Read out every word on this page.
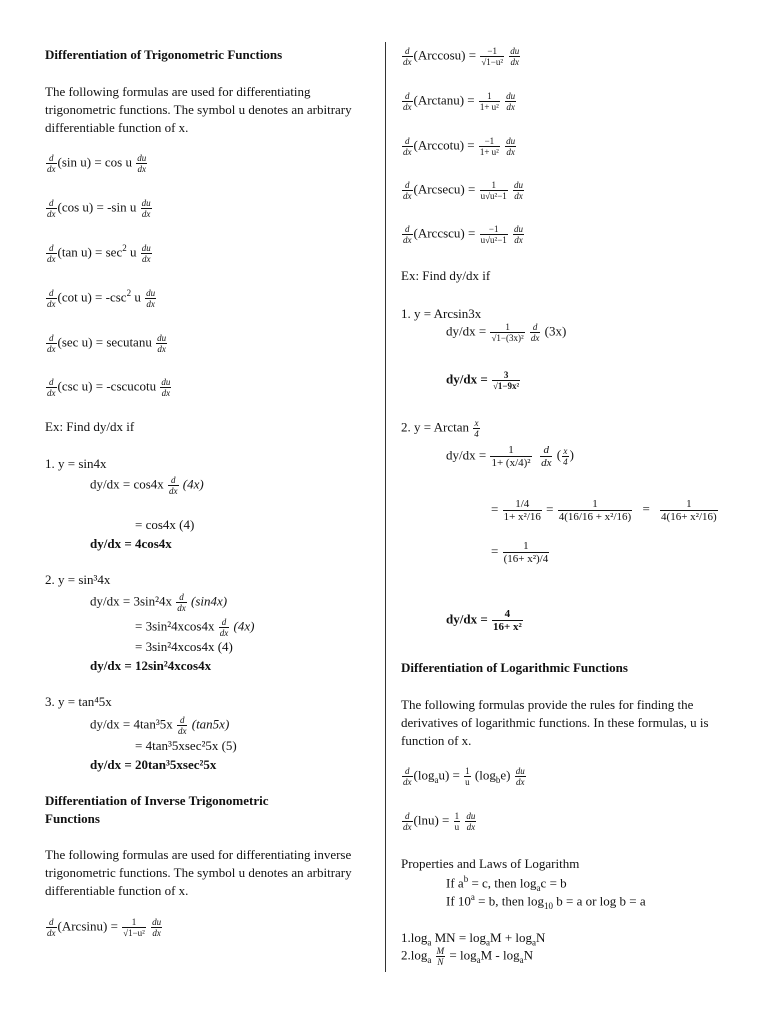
Differentiation of Trigonometric Functions
The following formulas are used for differentiating trigonometric functions. The symbol u denotes an arbitrary differentiable function of x.
$\frac{d}{dx} (\sin$ u) = cos u $\frac{du}{dx}$
$\frac{d}{dx} (\cos$ u) = -sin u $\frac{du}{dx}$
$\frac{d}{dx} (\tan$ $u) = \sec^2 u \frac{du}{dx}$
$\frac{d}{dx} (\cot$ $u) = -\csc^2$ u $\frac{du}{dx}$
$\frac{d}{dx} (\sec$ u) = secutanu $\frac{du}{dx}$
$\frac{d}{dx} (\csc$ u) = -cscucotu $\frac{du}{dx}$
Ex: Find dy/dx if
1. y = sin4x
$dy/dx = \cos 4x \frac{d}{dx} (4x)$
= cos4x (4)
dy/dx = 4cos4x
2. y = sin³4x
$dy/dx = 3\sin^24x \frac{d}{dx} (\sin 4x)$
= $3\sin^24xcos4x \frac{d}{dx} (4x)$
= 3sin²4xcos4x (4)
dy/dx = 12sin²4xcos4x
3. y = tan⁴5x
$dy/dx = 4\tan^35x \frac{d}{dx} (\tan 5x)$
= 4tan³5xsec²5x (5)
dy/dx = 20tan³5xsec²5x
Differentiation of Inverse Trigonometric Functions
The following formulas are used for differentiating inverse trigonometric functions. The symbol u denotes an arbitrary differentiable function of x.
$\frac{d}{dx} (Arcsinu) = \frac{1}{\text{√1−u²}}$
$\frac{du}{dx}$
$\frac{d}{dx} (Arccosu) = \frac{-1}{\text{√1−u²}}$
$\frac{du}{dx}$
$\frac{d}{dx} (Arctanu) = \frac{1}{\text{1+ u²}}$
$\frac{du}{dx}$
$\frac{d}{dx} (Arccotu) = \frac{-1}{\text{1+ u²}}$
$\frac{du}{dx}$
$\frac{d}{dx} (Arcsecu) = \frac{1}{\text{u√u²−1}}$
$\frac{du}{dx}$
$\frac{d}{dx} (Arccscu) = \frac{-1}{\text{u√u²−1}}$
$\frac{du}{dx}$
Ex: Find dy/dx if
1. y = Arcsin3x
$dy/dx = \frac{1}{\text{√1−(3x)²}}$
$\frac{d}{dx} (3x)$
$dy/dx = \frac{3}{\text{√1−9x²}}$
2. y = Arctan $\frac{x}{4}$
$dy/dx = \frac{1}{\text{1+ (x/4)²}}$
$\frac{d}{dx}$ ( $\frac{x}{4}$ )
= $\frac{1/4}{\text{1+ x²/16}} = \frac{1}{\text{4(16/16 + x²/16)}} = \frac{1}{\text{4(16+ x²/16)}}$
= $\frac{1}{\text{(16+ x²)/4}}$
$dy/dx = \frac{4}{\text{16+ x²}}$
Differentiation of Logarithmic Functions
The following formulas provide the rules for finding the derivatives of logarithmic functions. In these formulas, u is function of x.
$\frac{d}{dx} (\log_au) = \frac{1}{u} (\log_be) \frac{du}{dx}$
$\frac{d}{dx} (\ln u) = \frac{1}{u}$
$\frac{du}{dx}$
Properties and Laws of Logarithm
If $a^b = c$, then $\log_ac = b$
If $10^a = b$, then $\log_{10} b = a$ or log b = a
$1.\log_a$ MN = $\log_aM + \log_aN$
$2.\log_a \frac{M}{N} = \log_aM - \log_aN$
